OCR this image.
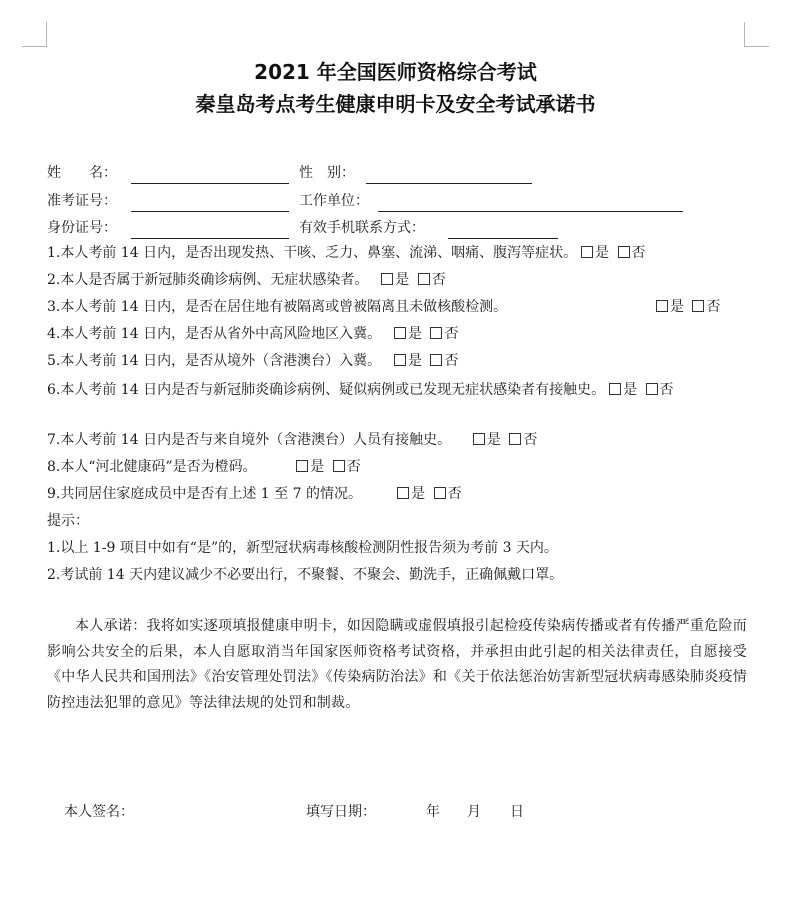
2021 年全国医师资格综合考试
秦皇岛考点考生健康申明卡及安全考试承诺书
姓　　名：	性　别：
准考证号：	工作单位：
身份证号：	有效手机联系方式：
1.本人考前 14 日内，是否出现发热、干咳、乏力、鼻塞、流涕、咽痛、腹泻等症状。 是 否
2.本人是否属于新冠肺炎确诊病例、无症状感染者。 是 否
3.本人考前 14 日内，是否在居住地有被隔离或曾被隔离且未做核酸检测。	是 否
4.本人考前 14 日内，是否从省外中高风险地区入冀。 是 否
5.本人考前 14 日内，是否从境外（含港澳台）入冀。 是 否
6.本人考前 14 日内是否与新冠肺炎确诊病例、疑似病例或已发现无症状感染者有接触史。 是 否
7.本人考前 14 日内是否与来自境外（含港澳台）人员有接触史。	是 否
8.本人“河北健康码”是否为橙码。	是 否
9.共同居住家庭成员中是否有上述 1 至 7 的情况。	是 否
提示：
1.以上 1-9 项目中如有“是”的，新型冠状病毒核酸检测阴性报告须为考前 3 天内。
2.考试前 14 天内建议减少不必要出行，不聚餐、不聚会、勤洗手，正确佩戴口罩。
本人承诺：我将如实逐项填报健康申明卡，如因隐瞒或虚假填报引起检疫传染病传播或者有传播严重危险而影响公共安全的后果，本人自愿取消当年国家医师资格考试资格，并承担由此引起的相关法律责任，自愿接受《中华人民共和国刑法》《治安管理处罚法》《传染病防治法》和《关于依法惩治妨害新型冠状病毒感染肺炎疫情防控违法犯罪的意见》等法律法规的处罚和制裁。
本人签名：	填写日期：	年 月 日
